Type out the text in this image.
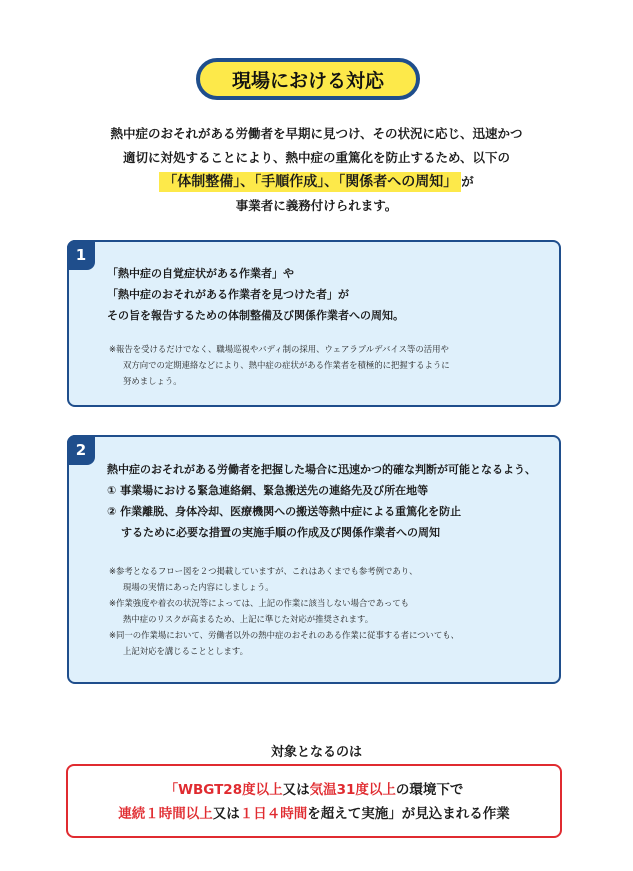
現場における対応
熱中症のおそれがある労働者を早期に見つけ、その状況に応じ、迅速かつ
適切に対処することにより、熱中症の重篤化を防止するため、以下の
「体制整備」、「手順作成」、「関係者への周知」 が
事業者に義務付けられます。
1
「熱中症の自覚症状がある作業者」や
「熱中症のおそれがある作業者を見つけた者」が
その旨を報告するための体制整備及び関係作業者への周知。
※報告を受けるだけでなく、職場巡視やバディ制の採用、ウェアラブルデバイス等の活用や
双方向での定期連絡などにより、熱中症の症状がある作業者を積極的に把握するように
努めましょう。
2
熱中症のおそれがある労働者を把握した場合に迅速かつ的確な判断が可能となるよう、
① 事業場における緊急連絡網、緊急搬送先の連絡先及び所在地等
② 作業離脱、身体冷却、医療機関への搬送等熱中症による重篤化を防止
するために必要な措置の実施手順の作成及び関係作業者への周知
※参考となるフロー図を２つ掲載していますが、これはあくまでも参考例であり、
現場の実情にあった内容にしましょう。
※作業強度や着衣の状況等によっては、上記の作業に該当しない場合であっても
熱中症のリスクが高まるため、上記に準じた対応が推奨されます。
※同一の作業場において、労働者以外の熱中症のおそれのある作業に従事する者についても、
上記対応を講じることとします。
対象となるのは
「WBGT28度以上又は気温31度以上の環境下で
連続１時間以上又は１日４時間を超えて実施」が見込まれる作業
